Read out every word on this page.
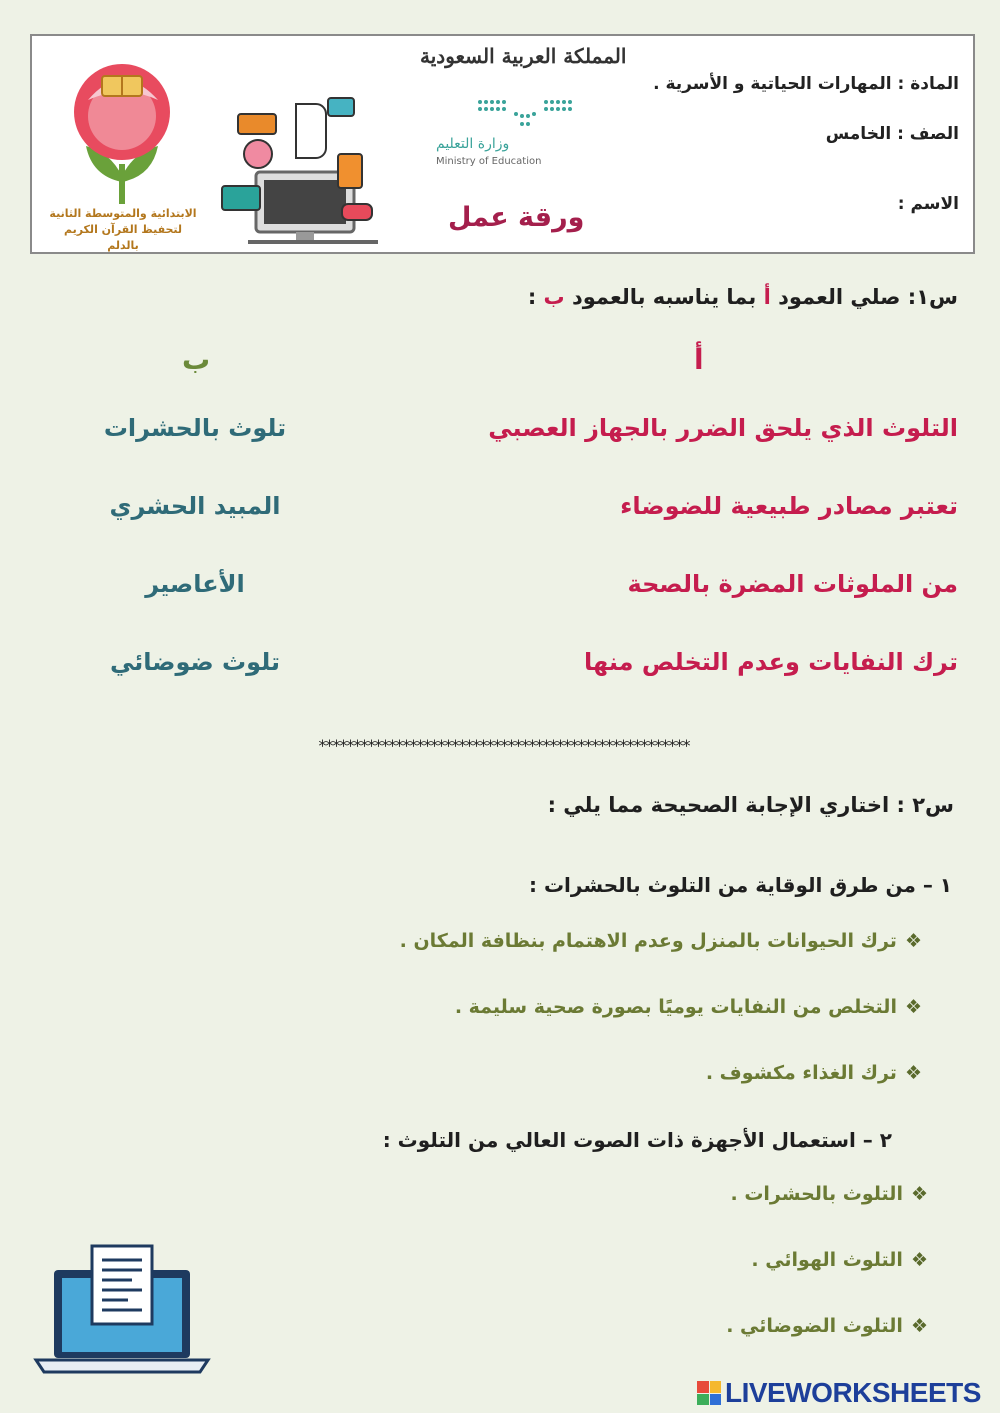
المادة : المهارات الحياتية و الأسرية .
الصف : الخامس
الاسم :
المملكة العربية السعودية
وزارة التعليم
Ministry of Education
ورقة عمل
الابتدائية والمتوسطة الثانية
لتحفيظ القرآن الكريم بالدلم
س١: صلي العمود أ بما يناسبه بالعمود ب :
أ
ب
التلوث الذي يلحق الضرر بالجهاز العصبي
تعتبر مصادر طبيعية للضوضاء
من الملوثات المضرة بالصحة
ترك النفايات وعدم التخلص منها
تلوث بالحشرات
المبيد الحشري
الأعاصير
تلوث ضوضائي
*****************************************************
س٢ : اختاري الإجابة الصحيحة مما يلي :
١ – من طرق الوقاية من التلوث بالحشرات :
❖ترك الحيوانات بالمنزل وعدم الاهتمام بنظافة المكان .
❖التخلص من النفايات يوميًا بصورة صحية سليمة .
❖ترك الغذاء مكشوف .
٢ – استعمال الأجهزة ذات الصوت العالي من التلوث :
❖التلوث بالحشرات .
❖التلوث الهوائي .
❖التلوث الضوضائي .
LIVEWORKSHEETS
